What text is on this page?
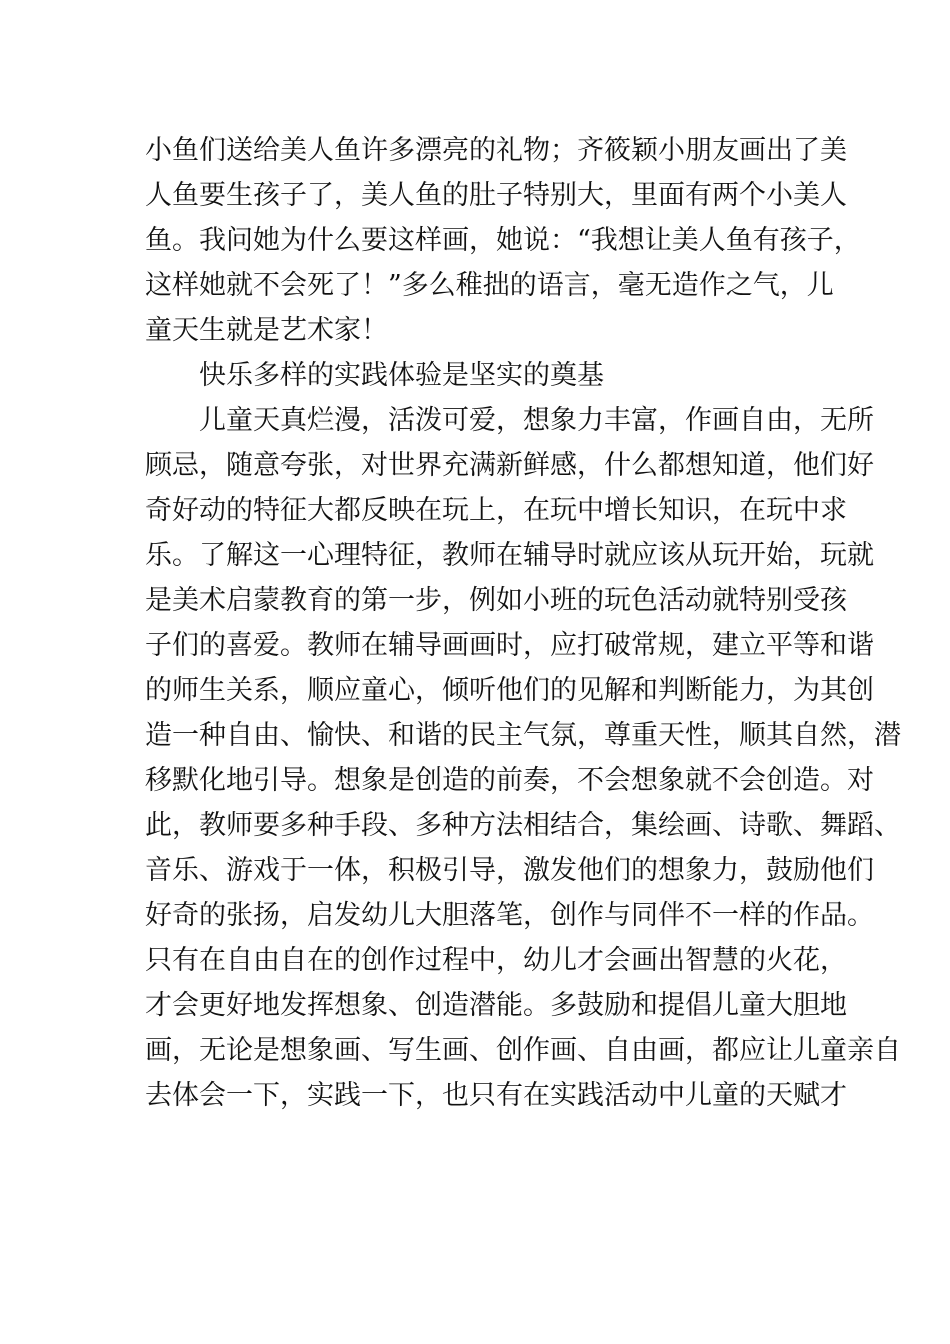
小鱼们送给美人鱼许多漂亮的礼物；齐筱颖小朋友画出了美
人鱼要生孩子了，美人鱼的肚子特别大，里面有两个小美人
鱼。我问她为什么要这样画，她说：“我想让美人鱼有孩子，
这样她就不会死了！”多么稚拙的语言，毫无造作之气，儿
童天生就是艺术家！
快乐多样的实践体验是坚实的奠基
儿童天真烂漫，活泼可爱，想象力丰富，作画自由，无所
顾忌，随意夸张，对世界充满新鲜感，什么都想知道，他们好
奇好动的特征大都反映在玩上，在玩中增长知识，在玩中求
乐。了解这一心理特征，教师在辅导时就应该从玩开始，玩就
是美术启蒙教育的第一步，例如小班的玩色活动就特别受孩
子们的喜爱。教师在辅导画画时，应打破常规，建立平等和谐
的师生关系，顺应童心，倾听他们的见解和判断能力，为其创
造一种自由、愉快、和谐的民主气氛，尊重天性，顺其自然，潜
移默化地引导。想象是创造的前奏，不会想象就不会创造。对
此，教师要多种手段、多种方法相结合，集绘画、诗歌、舞蹈、
音乐、游戏于一体，积极引导，激发他们的想象力，鼓励他们
好奇的张扬，启发幼儿大胆落笔，创作与同伴不一样的作品。
只有在自由自在的创作过程中，幼儿才会画出智慧的火花，
才会更好地发挥想象、创造潜能。多鼓励和提倡儿童大胆地
画，无论是想象画、写生画、创作画、自由画，都应让儿童亲自
去体会一下，实践一下，也只有在实践活动中儿童的天赋才
